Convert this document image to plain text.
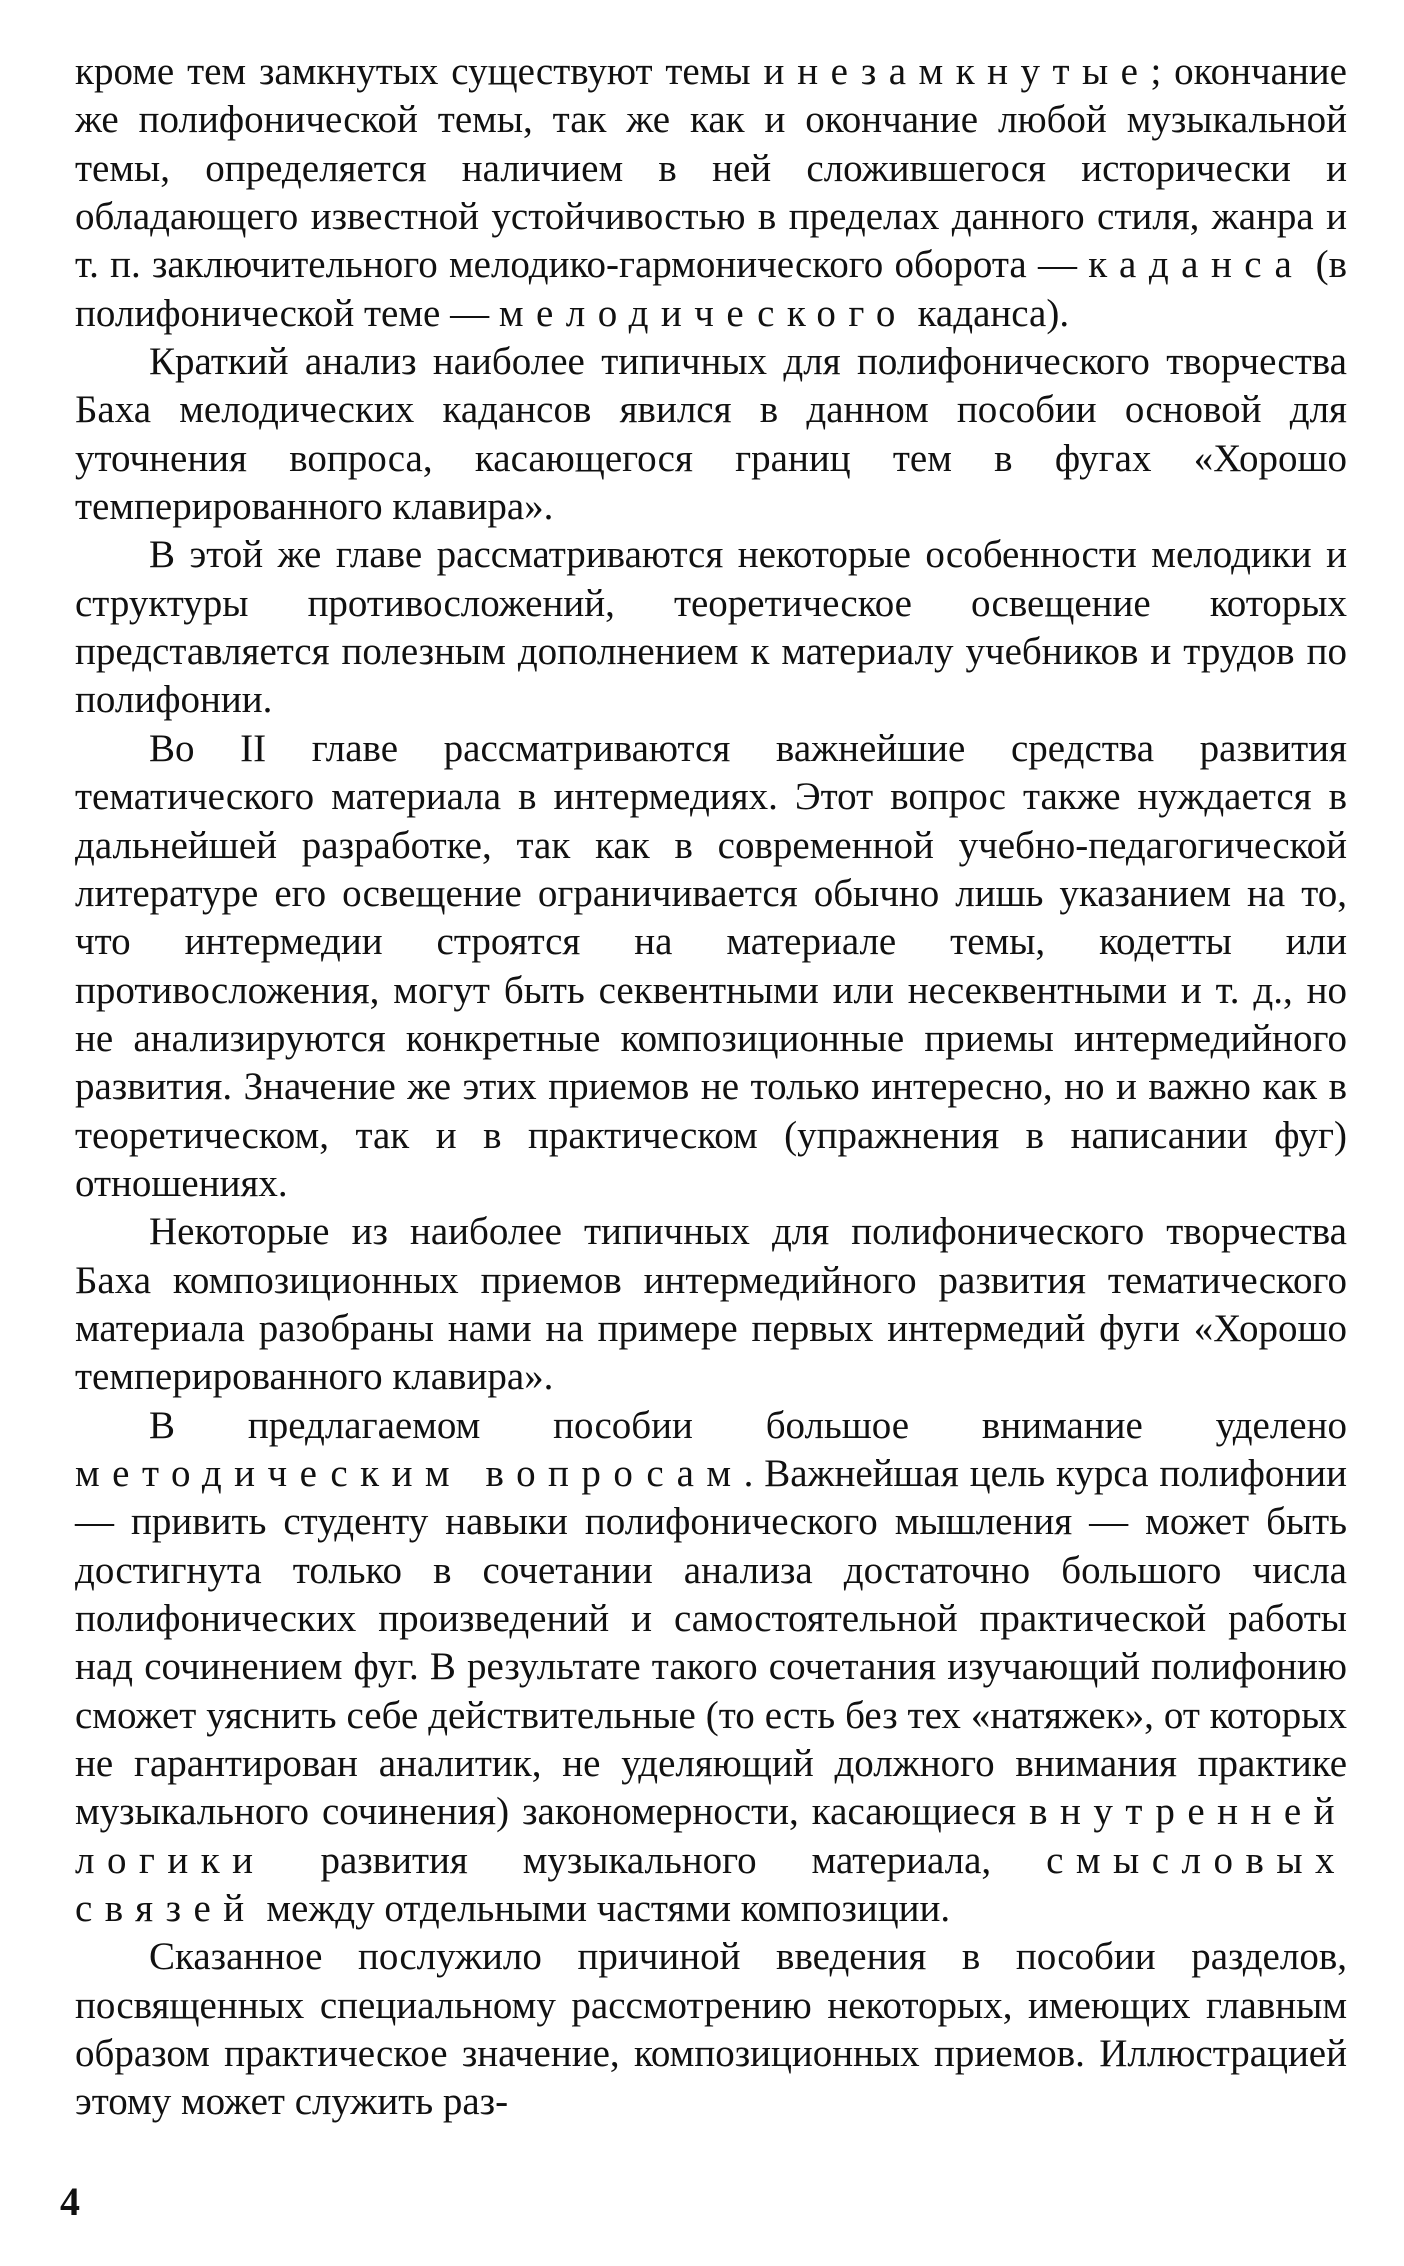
кроме тем замкнутых существуют темы и незамкнутые; окончание же полифонической темы, так же как и окончание любой музыкальной темы, определяется наличием в ней сложившегося исторически и обладающего известной устойчивостью в пределах данного стиля, жанра и т. п. заключительного мелодико-гармонического оборота — каданса (в полифонической теме — мелодического каданса).

Краткий анализ наиболее типичных для полифонического творчества Баха мелодических кадансов явился в данном пособии основой для уточнения вопроса, касающегося границ тем в фугах «Хорошо темперированного клавира».

В этой же главе рассматриваются некоторые особенности мелодики и структуры противосложений, теоретическое освещение которых представляется полезным дополнением к материалу учебников и трудов по полифонии.

Во II главе рассматриваются важнейшие средства развития тематического материала в интермедиях. Этот вопрос также нуждается в дальнейшей разработке, так как в современной учебно-педагогической литературе его освещение ограничивается обычно лишь указанием на то, что интермедии строятся на материале темы, кодетты или противосложения, могут быть секвентными или несеквентными и т. д., но не анализируются конкретные композиционные приемы интермедийного развития. Значение же этих приемов не только интересно, но и важно как в теоретическом, так и в практическом (упражнения в написании фуг) отношениях.

Некоторые из наиболее типичных для полифонического творчества Баха композиционных приемов интермедийного развития тематического материала разобраны нами на примере первых интермедий фуги «Хорошо темперированного клавира».

В предлагаемом пособии большое внимание уделено методическим вопросам. Важнейшая цель курса полифонии — привить студенту навыки полифонического мышления — может быть достигнута только в сочетании анализа достаточно большого числа полифонических произведений и самостоятельной практической работы над сочинением фуг. В результате такого сочетания изучающий полифонию сможет уяснить себе действительные (то есть без тех «натяжек», от которых не гарантирован аналитик, не уделяющий должного внимания практике музыкального сочинения) закономерности, касающиеся внутренней логики развития музыкального материала, смысловых связей между отдельными частями композиции.

Сказанное послужило причиной введения в пособии разделов, посвященных специальному рассмотрению некоторых, имеющих главным образом практическое значение, композиционных приемов. Иллюстрацией этому может служить раз-

4
